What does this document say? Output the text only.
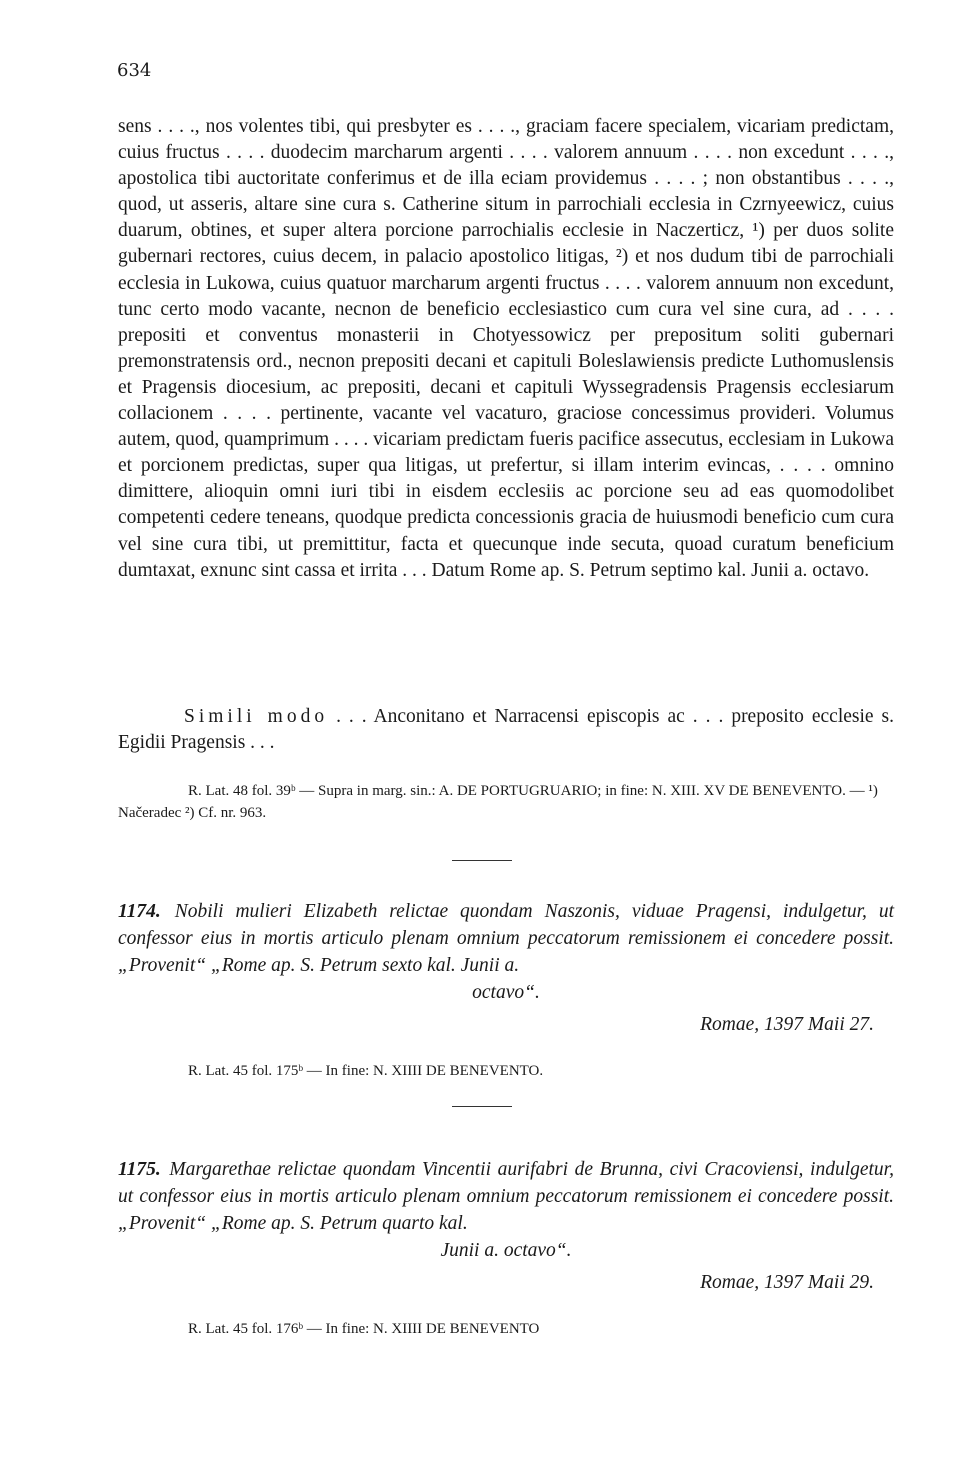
634
sens . . . ., nos volentes tibi, qui presbyter es . . . ., graciam facere specialem, vicariam predictam, cuius fructus . . . . duodecim marcharum argenti . . . . valorem annuum . . . . non excedunt . . . ., apostolica tibi auctoritate conferimus et de illa eciam providemus . . . . ; non obstantibus . . . ., quod, ut asseris, altare sine cura s. Catherine situm in parrochiali ecclesia in Czrnyeewicz, cuius duarum, obtines, et super altera porcione parrochialis ecclesie in Naczerticz, ¹) per duos solite gubernari rectores, cuius decem, in palacio apostolico litigas, ²) et nos dudum tibi de parrochiali ecclesia in Lukowa, cuius quatuor marcharum argenti fructus . . . . valorem annuum non excedunt, tunc certo modo vacante, necnon de beneficio ecclesiastico cum cura vel sine cura, ad . . . . prepositi et conventus monasterii in Chotyessowicz per prepositum soliti gubernari premonstratensis ord., necnon prepositi decani et capituli Boleslawiensis predicte Luthomuslensis et Pragensis diocesium, ac prepositi, decani et capituli Wyssegradensis Pragensis ecclesiarum collacionem . . . . pertinente, vacante vel vacaturo, graciose concessimus provideri. Volumus autem, quod, quamprimum . . . . vicariam predictam fueris pacifice assecutus, ecclesiam in Lukowa et porcionem predictas, super qua litigas, ut prefertur, si illam interim evincas, . . . . omnino dimittere, alioquin omni iuri tibi in eisdem ecclesiis ac porcione seu ad eas quomodolibet competenti cedere teneans, quodque predicta concessionis gracia de huiusmodi beneficio cum cura vel sine cura tibi, ut premittitur, facta et quecunque inde secuta, quoad curatum beneficium dumtaxat, exnunc sint cassa et irrita . . . Datum Rome ap. S. Petrum septimo kal. Junii a. octavo.
Simili modo . . . Anconitano et Narracensi episcopis ac . . . preposito ecclesie s. Egidii Pragensis . . .
R. Lat. 48 fol. 39ᵇ — Supra in marg. sin.: A. DE PORTUGRUARIO; in fine: N. XIII. XV DE BENEVENTO. — ¹) Načeradec ²) Cf. nr. 963.
1174. Nobili mulieri Elizabeth relictae quondam Naszonis, viduae Pragensi, indulgetur, ut confessor eius in mortis articulo plenam omnium peccatorum remissionem ei concedere possit. „Provenit“ „Rome ap. S. Petrum sexto kal. Junii a.
octavo“.
Romae, 1397 Maii 27.
R. Lat. 45 fol. 175ᵇ — In fine: N. XIIII DE BENEVENTO.
1175. Margarethae relictae quondam Vincentii aurifabri de Brunna, civi Cracoviensi, indulgetur, ut confessor eius in mortis articulo plenam omnium peccatorum remissionem ei concedere possit. „Provenit“ „Rome ap. S. Petrum quarto kal.
Junii a. octavo“.
Romae, 1397 Maii 29.
R. Lat. 45 fol. 176ᵇ — In fine: N. XIIII DE BENEVENTO
